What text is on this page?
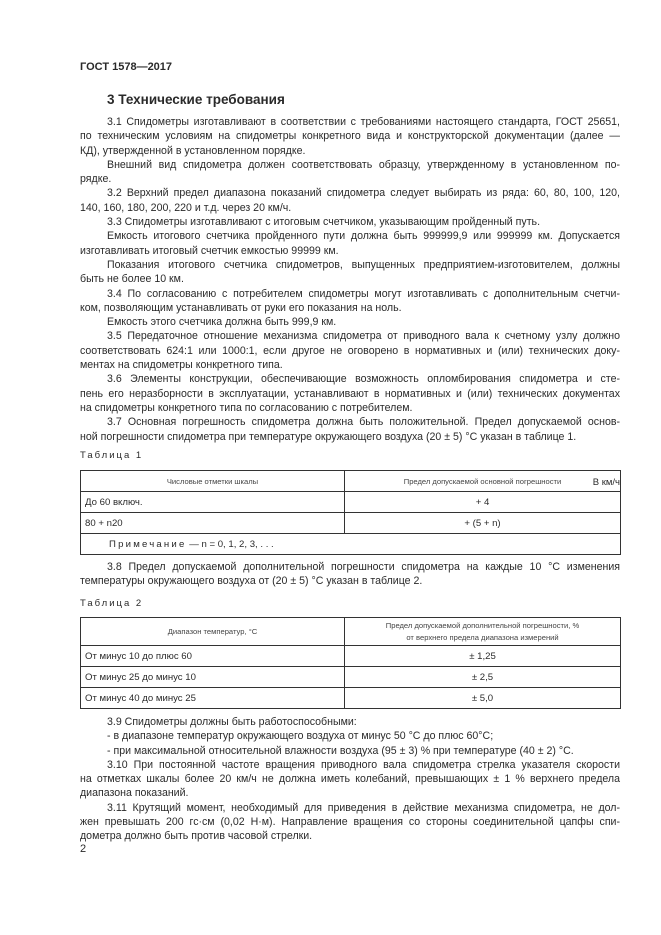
ГОСТ 1578—2017
3 Технические требования
3.1 Спидометры изготавливают в соответствии с требованиями настоящего стандарта, ГОСТ 25651,
по техническим условиям на спидометры конкретного вида и конструкторской документации (далее —
КД), утвержденной в установленном порядке.
Внешний вид спидометра должен соответствовать образцу, утвержденному в установленном по-
рядке.
3.2 Верхний предел диапазона показаний спидометра следует выбирать из ряда: 60, 80, 100, 120,
140, 160, 180, 200, 220 и т.д. через 20 км/ч.
3.3 Спидометры изготавливают с итоговым счетчиком, указывающим пройденный путь.
Емкость итогового счетчика пройденного пути должна быть 999999,9 или 999999 км. Допускается
изготавливать итоговый счетчик емкостью 99999 км.
Показания итогового счетчика спидометров, выпущенных предприятием-изготовителем, должны
быть не более 10 км.
3.4 По согласованию с потребителем спидометры могут изготавливать с дополнительным счетчи-
ком, позволяющим устанавливать от руки его показания на ноль.
Емкость этого счетчика должна быть 999,9 км.
3.5 Передаточное отношение механизма спидометра от приводного вала к счетному узлу должно
соответствовать 624:1 или 1000:1, если другое не оговорено в нормативных и (или) технических доку-
ментах на спидометры конкретного типа.
3.6 Элементы конструкции, обеспечивающие возможность опломбирования спидометра и сте-
пень его неразборности в эксплуатации, устанавливают в нормативных и (или) технических документах
на спидометры конкретного типа по согласованию с потребителем.
3.7 Основная погрешность спидометра должна быть положительной. Предел допускаемой основ-
ной погрешности спидометра при температуре окружающего воздуха (20 ± 5) °С указан в таблице 1.
Таблица 1
В км/ч
Числовые отметки шкалы	Предел допускаемой основной погрешности
До 60 включ.	+ 4
80 + n20	+ (5 + n)
Примечание — n = 0, 1, 2, 3, . . .	
3.8 Предел допускаемой дополнительной погрешности спидометра на каждые 10 °С изменения
температуры окружающего воздуха от (20 ± 5) °С указан в таблице 2.
Таблица 2
Диапазон температур, °С	Предел допускаемой дополнительной погрешности, %
от верхнего предела диапазона измерений

От минус 10 до плюс 60	± 1,25
От минус 25 до минус 10	± 2,5
От минус 40 до минус 25	± 5,0
3.9 Спидометры должны быть работоспособными:
- в диапазоне температур окружающего воздуха от минус 50 °С до плюс 60°С;
- при максимальной относительной влажности воздуха (95 ± 3) % при температуре (40 ± 2) °С.
3.10 При постоянной частоте вращения приводного вала спидометра стрелка указателя скорости
на отметках шкалы более 20 км/ч не должна иметь колебаний, превышающих ± 1 % верхнего предела
диапазона показаний.
3.11 Крутящий момент, необходимый для приведения в действие механизма спидометра, не дол-
жен превышать 200 гс·см (0,02 Н·м). Направление вращения со стороны соединительной цапфы спи-
дометра должно быть против часовой стрелки.
2
